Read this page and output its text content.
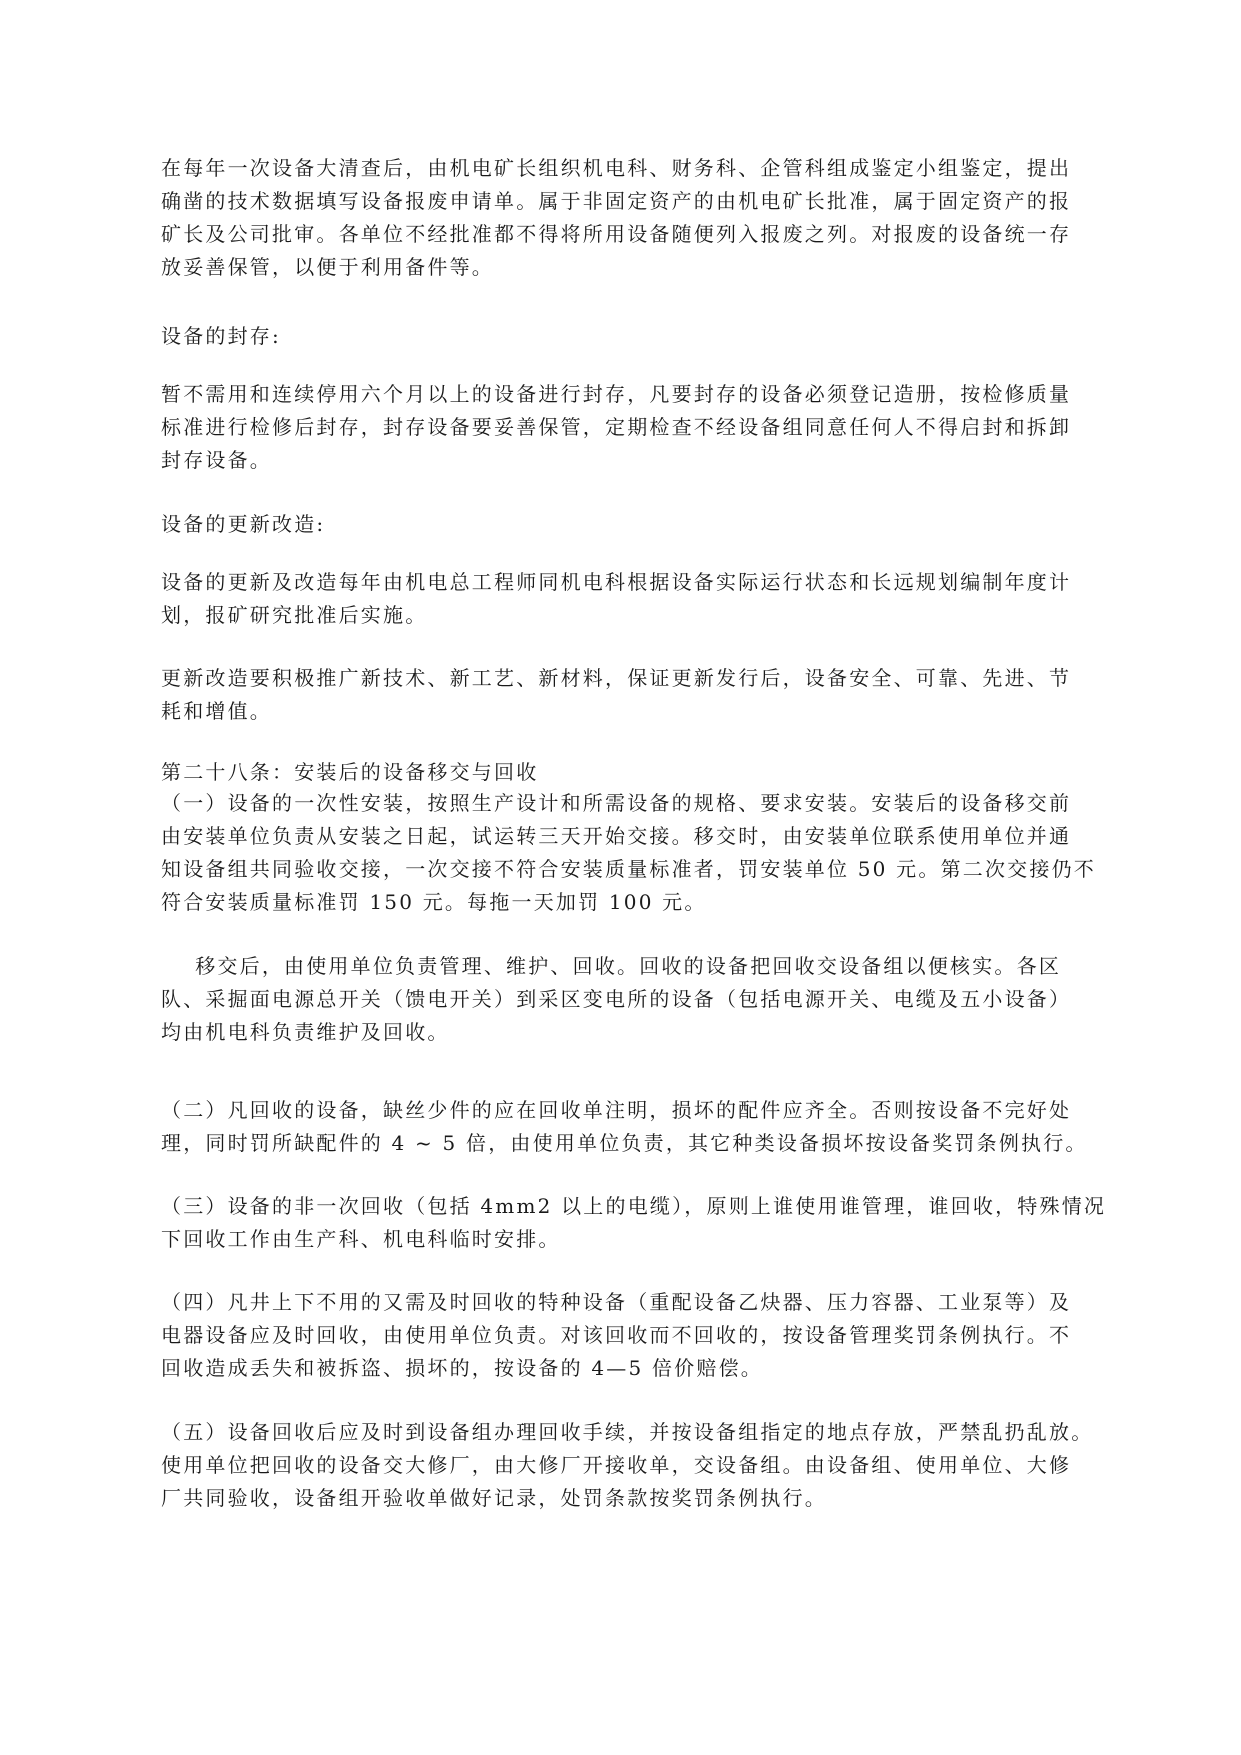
在每年一次设备大清查后，由机电矿长组织机电科、财务科、企管科组成鉴定小组鉴定，提出
确凿的技术数据填写设备报废申请单。属于非固定资产的由机电矿长批准，属于固定资产的报
矿长及公司批审。各单位不经批准都不得将所用设备随便列入报废之列。对报废的设备统一存
放妥善保管，以便于利用备件等。
设备的封存:
暂不需用和连续停用六个月以上的设备进行封存，凡要封存的设备必须登记造册，按检修质量
标准进行检修后封存，封存设备要妥善保管，定期检查不经设备组同意任何人不得启封和拆卸
封存设备。
设备的更新改造:
设备的更新及改造每年由机电总工程师同机电科根据设备实际运行状态和长远规划编制年度计
划，报矿研究批准后实施。
更新改造要积极推广新技术、新工艺、新材料，保证更新发行后，设备安全、可靠、先进、节
耗和增值。
第二十八条：安装后的设备移交与回收
（一）设备的一次性安装，按照生产设计和所需设备的规格、要求安装。安装后的设备移交前
由安装单位负责从安装之日起，试运转三天开始交接。移交时，由安装单位联系使用单位并通
知设备组共同验收交接，一次交接不符合安装质量标准者，罚安装单位 50 元。第二次交接仍不
符合安装质量标准罚 150 元。每拖一天加罚 100 元。
移交后，由使用单位负责管理、维护、回收。回收的设备把回收交设备组以便核实。各区
队、采掘面电源总开关（馈电开关）到采区变电所的设备（包括电源开关、电缆及五小设备）
均由机电科负责维护及回收。
（二）凡回收的设备，缺丝少件的应在回收单注明，损坏的配件应齐全。否则按设备不完好处
理，同时罚所缺配件的 4 ~ 5 倍，由使用单位负责，其它种类设备损坏按设备奖罚条例执行。
（三）设备的非一次回收（包括 4mm2 以上的电缆），原则上谁使用谁管理，谁回收，特殊情况
下回收工作由生产科、机电科临时安排。
（四）凡井上下不用的又需及时回收的特种设备（重配设备乙炔器、压力容器、工业泵等）及
电器设备应及时回收，由使用单位负责。对该回收而不回收的，按设备管理奖罚条例执行。不
回收造成丢失和被拆盗、损坏的，按设备的 4—5 倍价赔偿。
（五）设备回收后应及时到设备组办理回收手续，并按设备组指定的地点存放，严禁乱扔乱放。
使用单位把回收的设备交大修厂，由大修厂开接收单，交设备组。由设备组、使用单位、大修
厂共同验收，设备组开验收单做好记录，处罚条款按奖罚条例执行。
